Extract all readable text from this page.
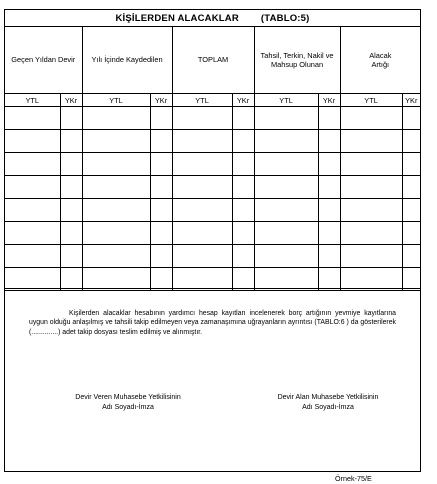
KİŞİLERDEN ALACAKLAR (TABLO:5)
Geçen Yıldan Devir		Yılı İçinde Kaydedilen		TOPLAM		Tahsil, Terkin, Nakil ve Mahsup Olunan		Alacak Artığı	
YTL	YKr	YTL	YKr	YTL	YKr	YTL	YKr	YTL	YKr

Kişilerden alacaklar hesabının yardımcı hesap kayıtları incelenerek borç artığının yevmiye kayıtlarına uygun olduğu anlaşılmış ve tahsili takip edilmeyen veya zamanaşımına uğrayanların ayrıntısı (TABLO:6 ) da gösterilerek (..............) adet takip dosyası teslim edilmiş ve alınmıştır.
Devir Veren Muhasebe Yetkilisinin
Adı Soyadı-İmza
Devir Alan Muhasebe Yetkilisinin
Adı Soyadı-İmza
Örnek-75/E
